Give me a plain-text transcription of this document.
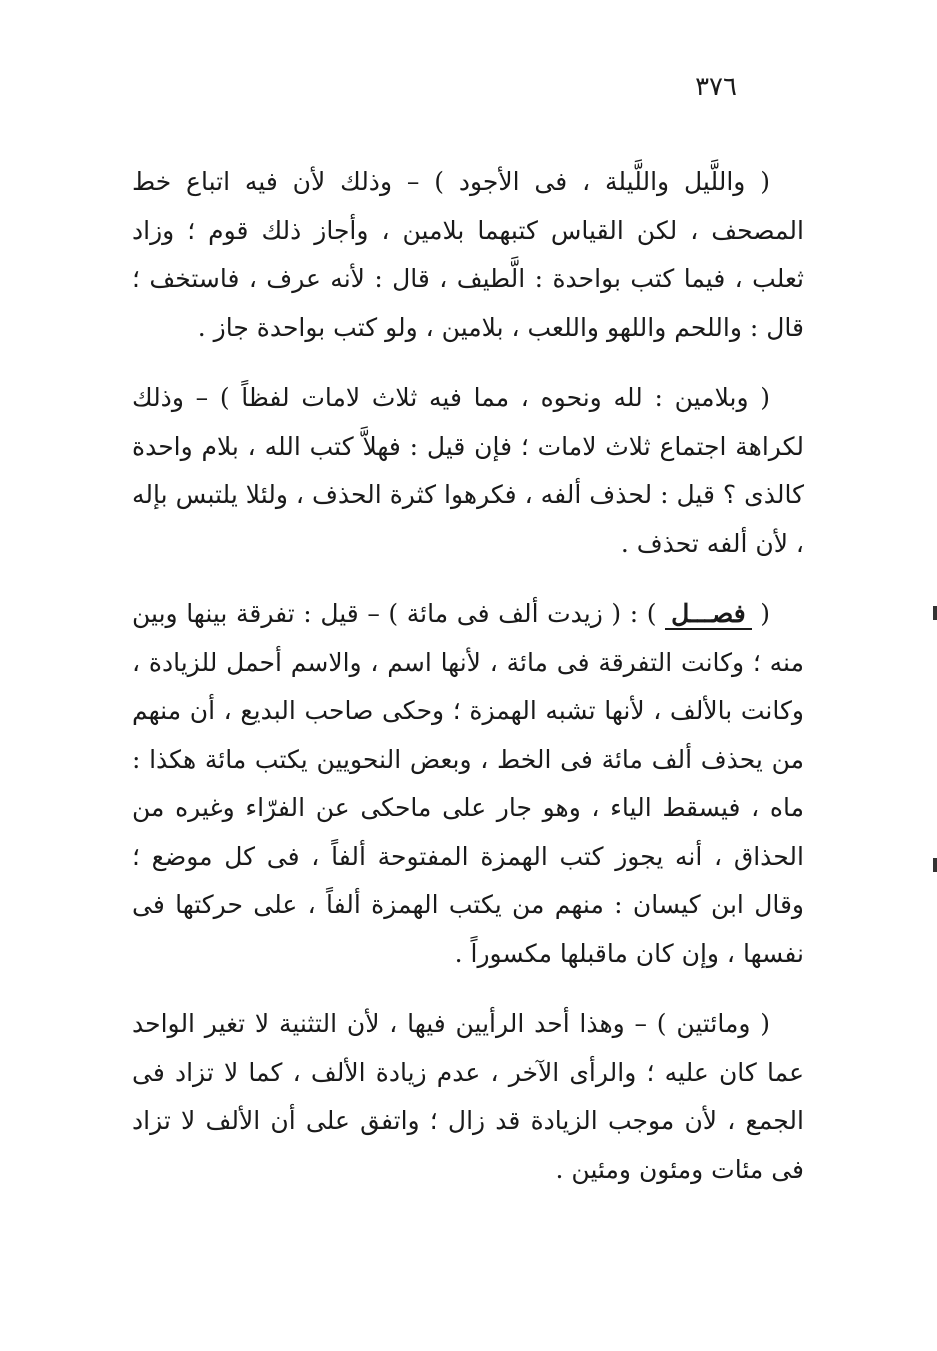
٣٧٦

( واللَّيل واللَّيلة ، فى الأجود ) – وذلك لأن فيه اتباع خط المصحف ، لكن القياس كتبهما بلامين ، وأجاز ذلك قوم ؛ وزاد ثعلب ، فيما كتب بواحدة : الَّطيف ، قال : لأنه عرف ، فاستخف ؛ قال : واللحم واللهو واللعب ، بلامين ، ولو كتب بواحدة جاز .

( وبلامين : لله ونحوه ، مما فيه ثلاث لامات لفظاً ) – وذلك لكراهة اجتماع ثلاث لامات ؛ فإن قيل : فهلاَّ كتب الله ، بلام واحدة كالذى ؟ قيل : لحذف ألفه ، فكرهوا كثرة الحذف ، ولئلا يلتبس بإله ، لأن ألفه تحذف .

( فصـــل ) : ( زيدت ألف فى مائة ) – قيل : تفرقة بينها وبين منه ؛ وكانت التفرقة فى مائة ، لأنها اسم ، والاسم أحمل للزيادة ، وكانت بالألف ، لأنها تشبه الهمزة ؛ وحكى صاحب البديع ، أن منهم من يحذف ألف مائة فى الخط ، وبعض النحويين يكتب مائة هكذا : ماه ، فيسقط الياء ، وهو جار على ماحكى عن الفرّاء وغيره من الحذاق ، أنه يجوز كتب الهمزة المفتوحة ألفاً ، فى كل موضع ؛ وقال ابن كيسان : منهم من يكتب الهمزة ألفاً ، على حركتها فى نفسها ، وإن كان ماقبلها مكسوراً .

( ومائتين ) – وهذا أحد الرأيين فيها ، لأن التثنية لا تغير الواحد عما كان عليه ؛ والرأى الآخر ، عدم زيادة الألف ، كما لا تزاد فى الجمع ، لأن موجب الزيادة قد زال ؛ واتفق على أن الألف لا تزاد فى مئات ومئون ومئين .
